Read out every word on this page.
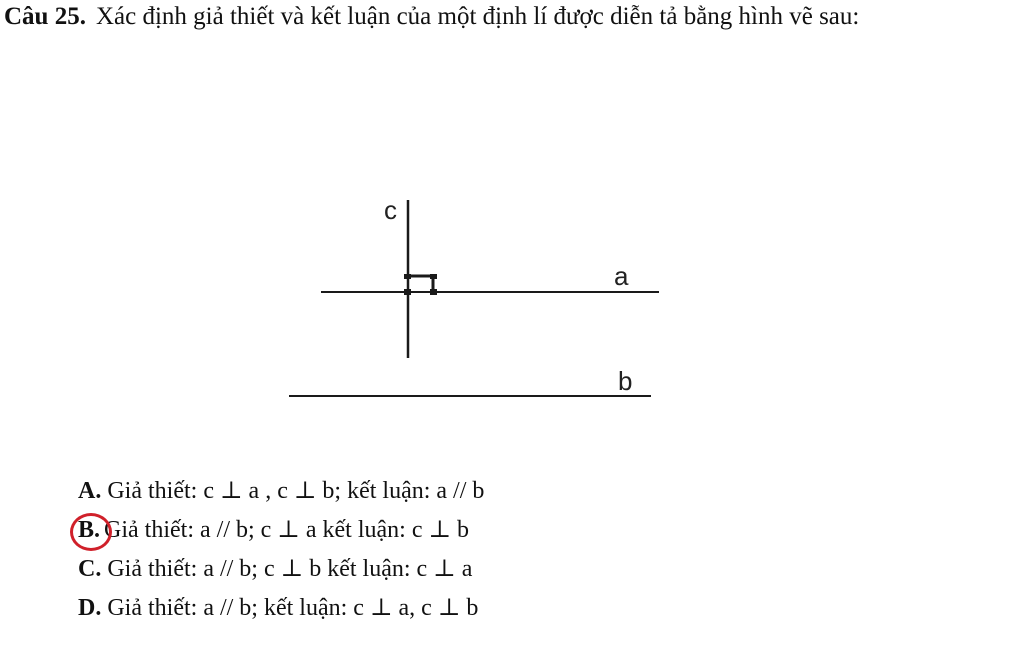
Câu 25. Xác định giả thiết và kết luận của một định lí được diễn tả bằng hình vẽ sau:
c
a
b
A. Giả thiết: c ⊥ a , c ⊥ b; kết luận: a // b
B. Giả thiết: a // b; c ⊥ a kết luận: c ⊥ b
C. Giả thiết: a // b; c ⊥ b kết luận: c ⊥ a
D. Giả thiết: a // b; kết luận: c ⊥ a, c ⊥ b
